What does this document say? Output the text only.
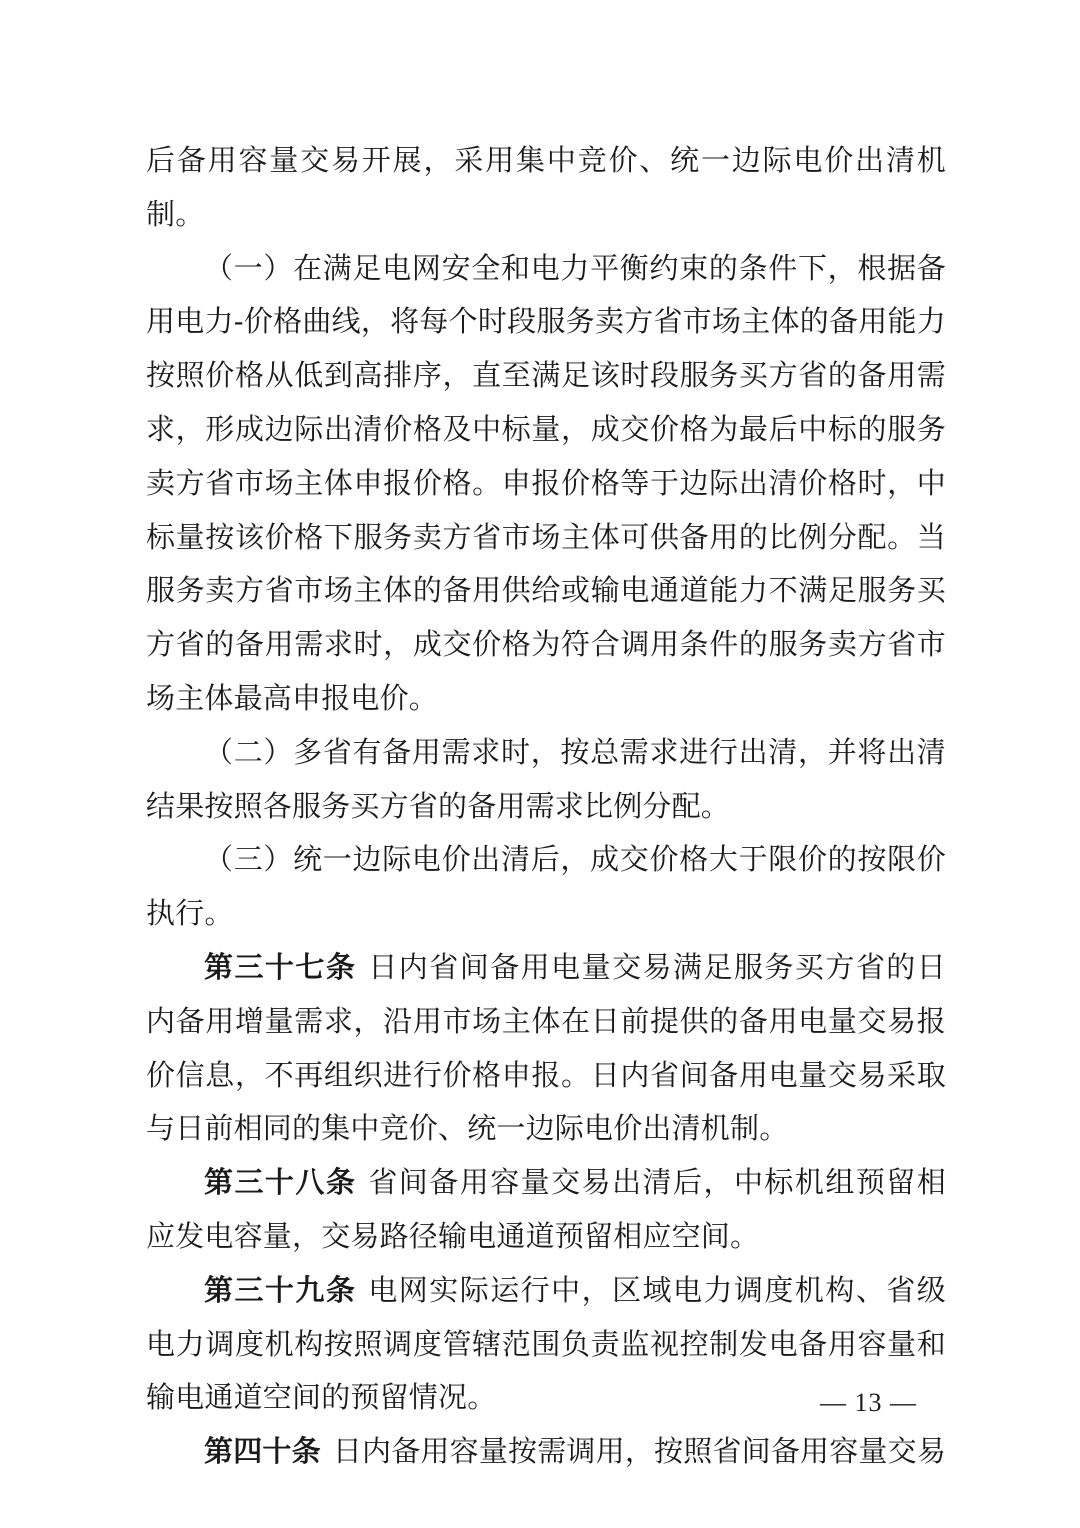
后备用容量交易开展，采用集中竞价、统一边际电价出清机制。

（一）在满足电网安全和电力平衡约束的条件下，根据备用电力-价格曲线，将每个时段服务卖方省市场主体的备用能力按照价格从低到高排序，直至满足该时段服务买方省的备用需求，形成边际出清价格及中标量，成交价格为最后中标的服务卖方省市场主体申报价格。申报价格等于边际出清价格时，中标量按该价格下服务卖方省市场主体可供备用的比例分配。当服务卖方省市场主体的备用供给或输电通道能力不满足服务买方省的备用需求时，成交价格为符合调用条件的服务卖方省市场主体最高申报电价。

（二）多省有备用需求时，按总需求进行出清，并将出清结果按照各服务买方省的备用需求比例分配。

（三）统一边际电价出清后，成交价格大于限价的按限价执行。

第三十七条 日内省间备用电量交易满足服务买方省的日内备用增量需求，沿用市场主体在日前提供的备用电量交易报价信息，不再组织进行价格申报。日内省间备用电量交易采取与日前相同的集中竞价、统一边际电价出清机制。

第三十八条 省间备用容量交易出清后，中标机组预留相应发电容量，交易路径输电通道预留相应空间。

第三十九条 电网实际运行中，区域电力调度机构、省级电力调度机构按照调度管辖范围负责监视控制发电备用容量和输电通道空间的预留情况。

第四十条 日内备用容量按需调用，按照省间备用容量交易

— 13 —
